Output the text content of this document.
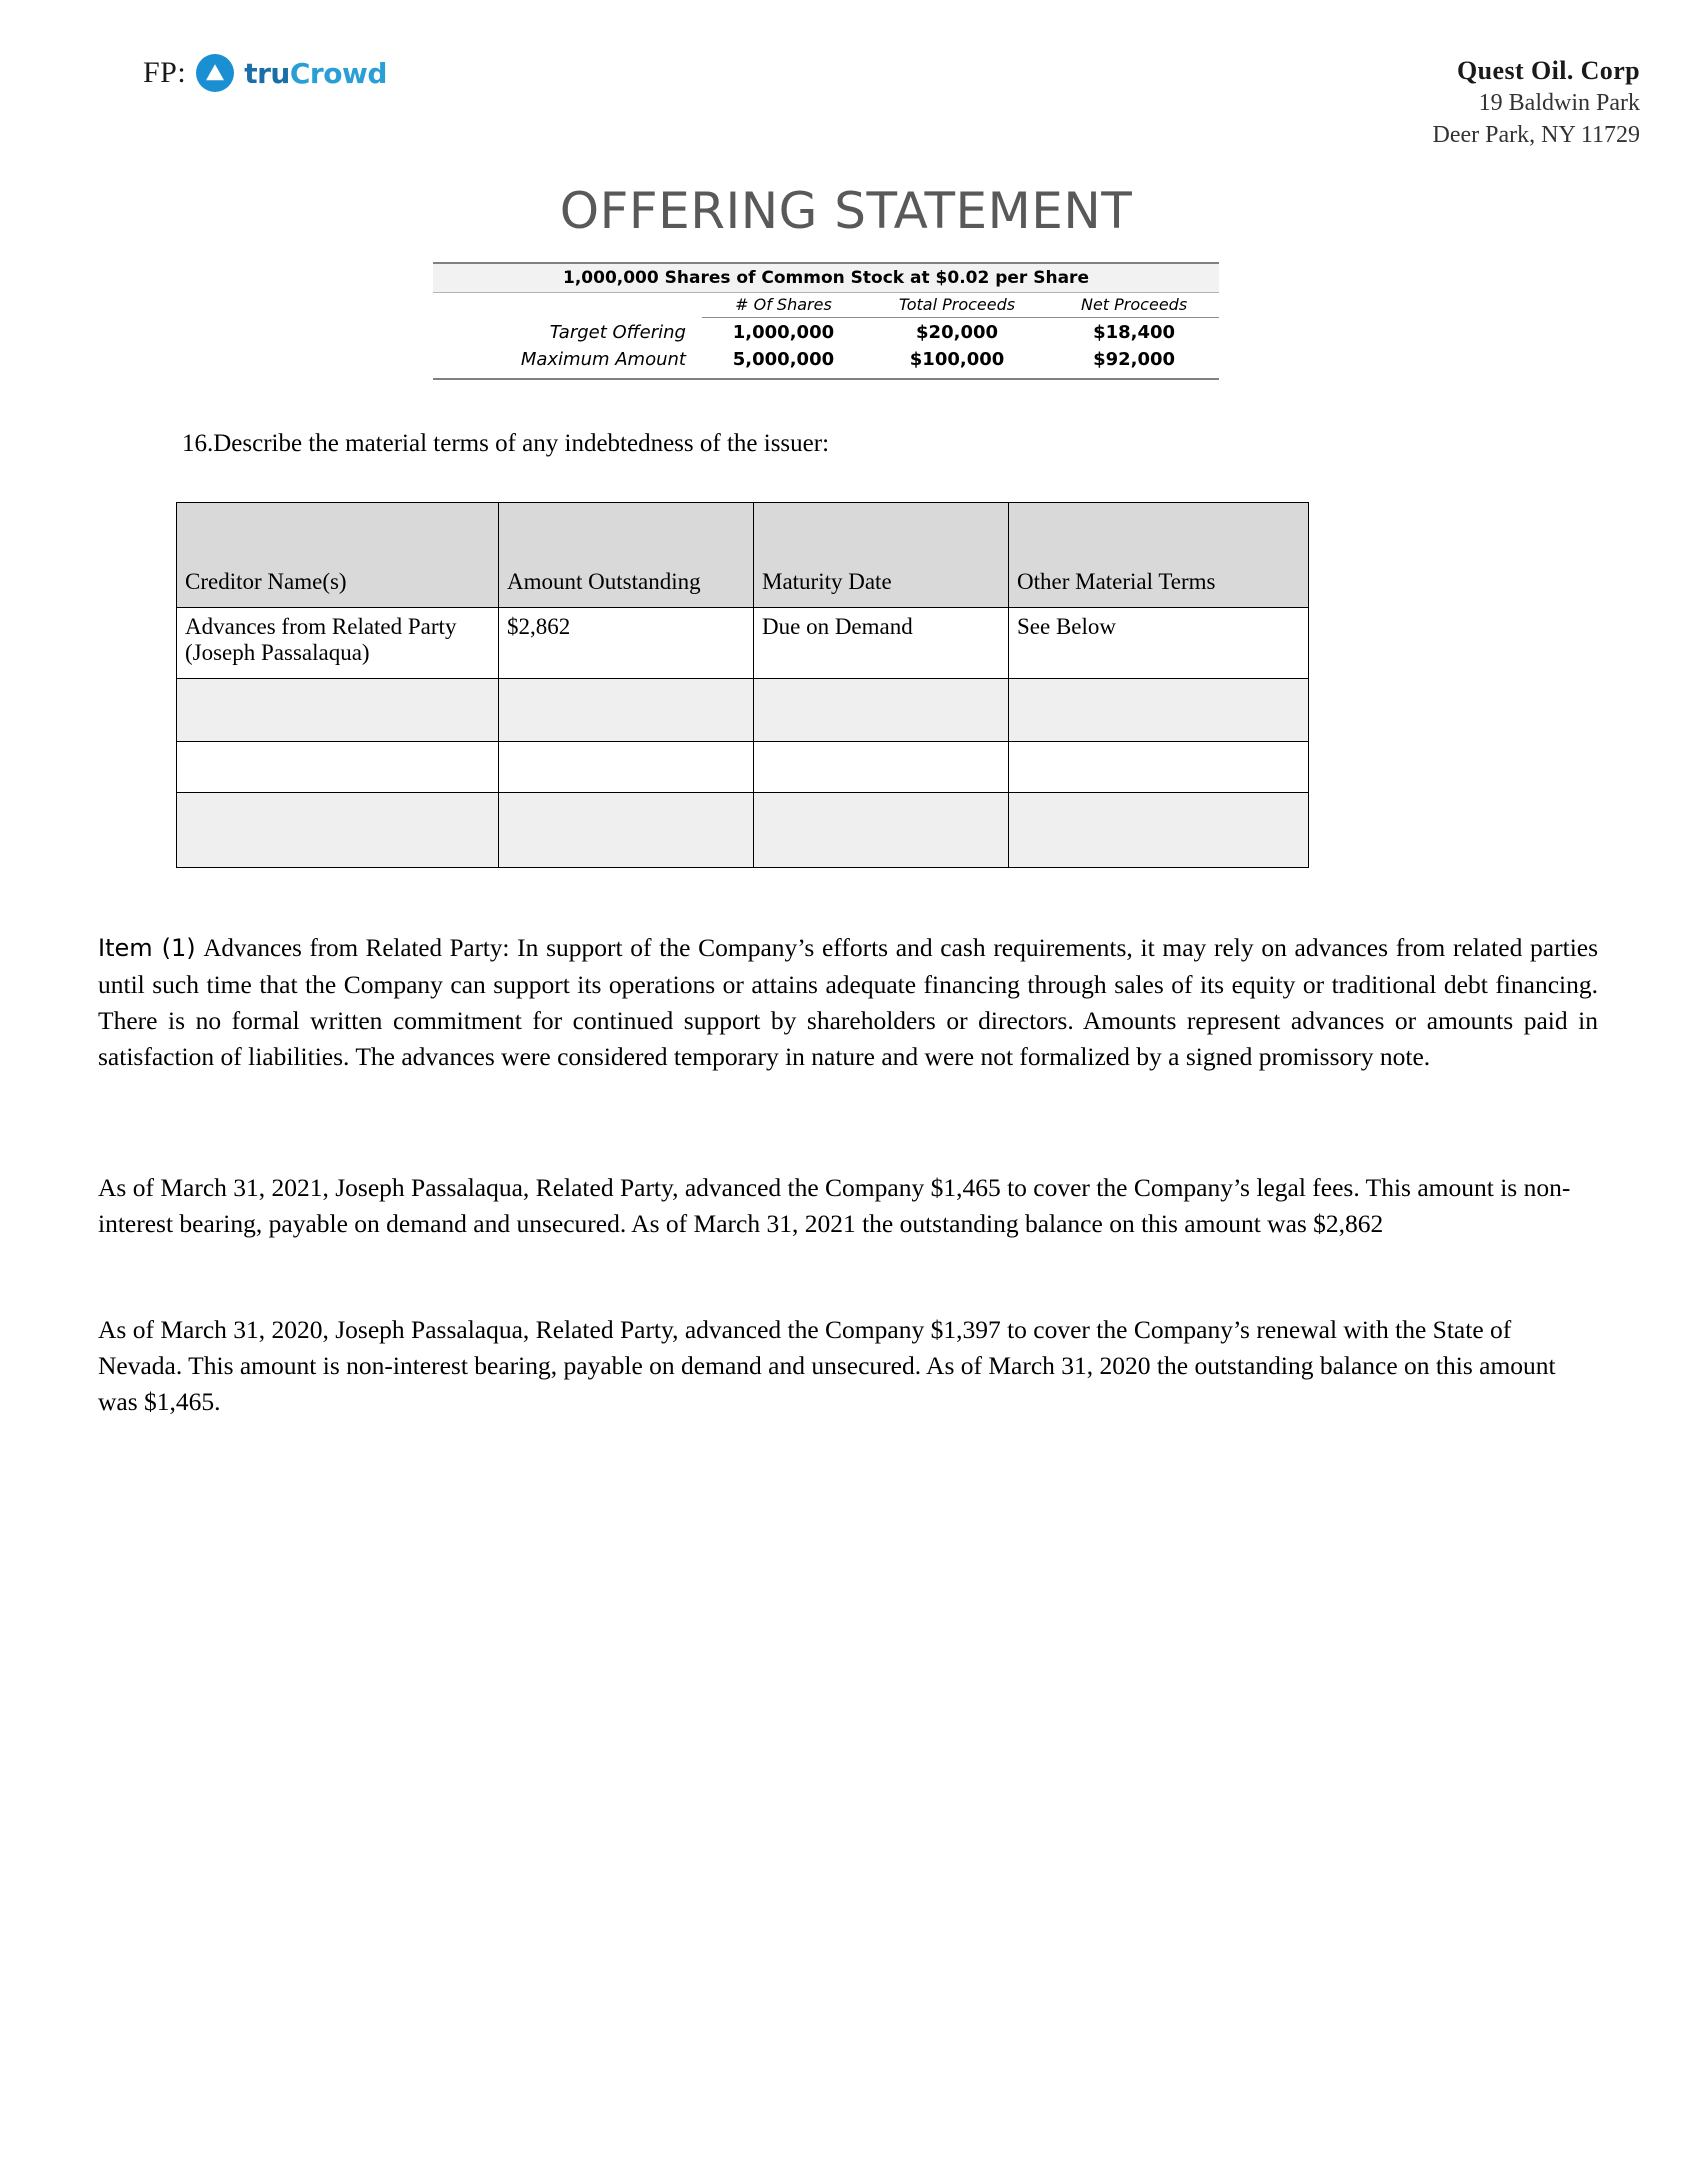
FP: truCrowd	Quest Oil. Corp
19 Baldwin Park
Deer Park, NY 11729
OFFERING STATEMENT
1,000,000 Shares of Common Stock at $0.02 per Share			
	# Of Shares	Total Proceeds	Net Proceeds
Target Offering	1,000,000	$20,000	$18,400
Maximum Amount	5,000,000	$100,000	$92,000

16.Describe the material terms of any indebtedness of the issuer:
Creditor Name(s)	Amount Outstanding	Maturity Date	Other Material Terms
Advances from Related Party (Joseph Passalaqua)	$2,862	Due on Demand	See Below

Item (1) Advances from Related Party: In support of the Company’s efforts and cash requirements, it may rely on advances from related parties until such time that the Company can support its operations or attains adequate financing through sales of its equity or traditional debt financing. There is no formal written commitment for continued support by shareholders or directors. Amounts represent advances or amounts paid in satisfaction of liabilities. The advances were considered temporary in nature and were not formalized by a signed promissory note.
As of March 31, 2021, Joseph Passalaqua, Related Party, advanced the Company $1,465 to cover the Company’s legal fees. This amount is non-interest bearing, payable on demand and unsecured. As of March 31, 2021 the outstanding balance on this amount was $2,862
As of March 31, 2020, Joseph Passalaqua, Related Party, advanced the Company $1,397 to cover the Company’s renewal with the State of Nevada. This amount is non-interest bearing, payable on demand and unsecured. As of March 31, 2020 the outstanding balance on this amount was $1,465.
